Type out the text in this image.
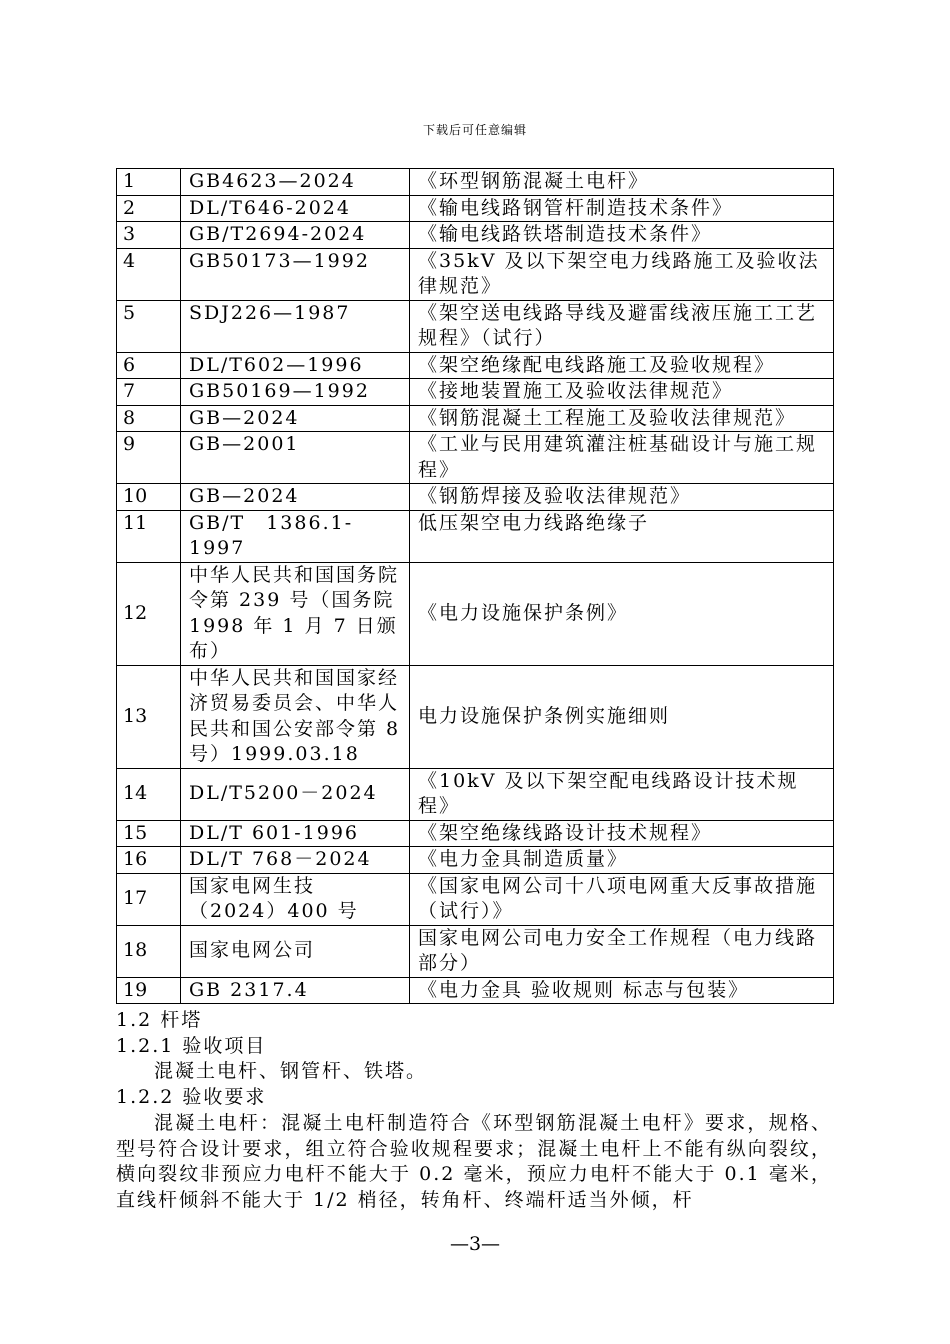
下载后可任意编辑
1	GB4623—2024	《环型钢筋混凝土电杆》
2	DL/T646-2024	《输电线路钢管杆制造技术条件》
3	GB/T2694-2024	《输电线路铁塔制造技术条件》
4	GB50173—1992	《35kV 及以下架空电力线路施工及验收法律规范》
5	SDJ226—1987	《架空送电线路导线及避雷线液压施工工艺规程》（试行）
6	DL/T602—1996	《架空绝缘配电线路施工及验收规程》
7	GB50169—1992	《接地装置施工及验收法律规范》
8	GB—2024	《钢筋混凝土工程施工及验收法律规范》
9	GB—2001	《工业与民用建筑灌注桩基础设计与施工规程》
10	GB—2024	《钢筋焊接及验收法律规范》
11	GB/T　1386.1-1997	低压架空电力线路绝缘子
12	中华人民共和国国务院令第 239 号（国务院 1998 年 1 月 7 日颁布）	《电力设施保护条例》
13	中华人民共和国国家经济贸易委员会、中华人民共和国公安部令第 8 号）1999.03.18	电力设施保护条例实施细则
14	DL/T5200－2024	《10kV 及以下架空配电线路设计技术规程》
15	DL/T 601-1996	《架空绝缘线路设计技术规程》
16	DL/T 768－2024	《电力金具制造质量》
17	国家电网生技（2024）400 号	《国家电网公司十八项电网重大反事故措施（试行）》
18	国家电网公司	国家电网公司电力安全工作规程（电力线路部分）
19	GB 2317.4	《电力金具 验收规则 标志与包装》

1.2 杆塔

1.2.1 验收项目

混凝土电杆、钢管杆、铁塔。

1.2.2 验收要求

混凝土电杆：混凝土电杆制造符合《环型钢筋混凝土电杆》要求，规格、型号符合设计要求，组立符合验收规程要求；混凝土电杆上不能有纵向裂纹，横向裂纹非预应力电杆不能大于 0.2 毫米，预应力电杆不能大于 0.1 毫米，直线杆倾斜不能大于 1/2 梢径，转角杆、终端杆适当外倾，杆

—3—
